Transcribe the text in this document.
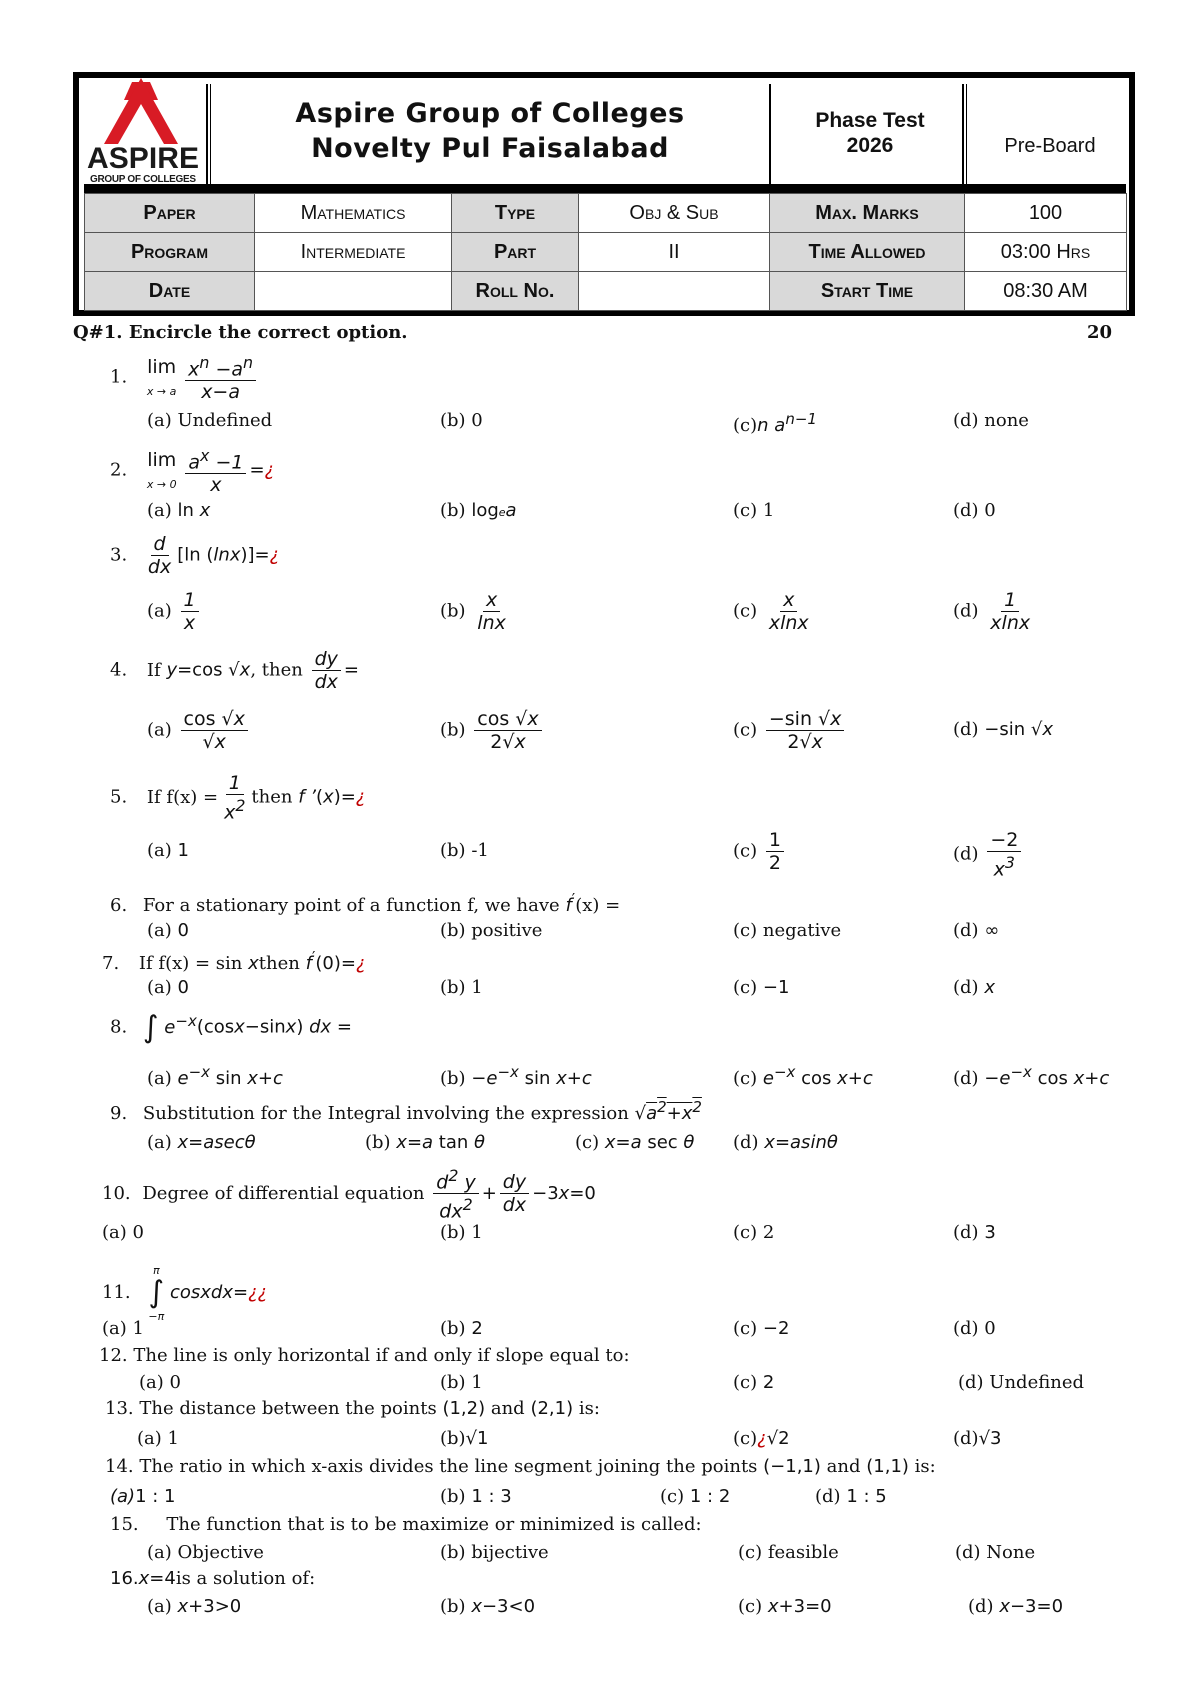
ASPIRE
GROUP OF COLLEGES
Aspire Group of Colleges
Novelty Pul Faisalabad
Phase Test
2026	Pre-Board
Paper	Mathematics	Type	Obj & Sub	Max. Marks	100
Program	Intermediate	Part	II	Time Allowed	03:00 Hrs
Date		Roll No.		Start Time	08:30 AM
Q#1. Encircle the correct option.	20
1. lim
x → a $\frac{x^n -a^n}{x-a}$
(a) Undefined	(b) 0	(c)n $a^{n-1}$	(d) none
2. lim
$x \to 0 \frac{a^x -1}{x}$ =¿
(a) ln x	(b) logea	(c) 1	(d) 0
3. $\frac{d}{dx} [\ln$ (lnx)]=¿
$(a) \frac{1}{x}$	$(b) \frac{x}{\ln x}$	$(c) \frac{x}{xlnx}$	$(d) \frac{1}{xlnx}$
4. If y=cos √x, then $\frac{dy}{dx}$ =
$(a) \frac{\cos √x}{√x}$	$(b) \frac{\cos √x}{2√x}$	$(c) \frac{-\sin √x}{2√x}$	(d) −sin √x
5. If $f(x) = \frac{1}{x^2}$ then f ’(x)=¿
(a) 1	(b) -1	$(c) \frac{1}{2}$	$(d) \frac{-2}{x^3}$
6. For a stationary point of a function f, we have f′(x) =
(a) 0	(b) positive	(c) negative	(d) ∞
7. If f(x) = sin xthen f′(0)=¿
(a) 0	(b) 1	(c) −1	(d) x
8. ∫ $e^{-x}(\cos x-\sin x)$ dx =
(a) $e^{-x}$ sin x+c	$(b) -e^{-x}$ sin x+c	(c) $e^{-x}$ cos x+c	$(d) -e^{-x}$ cos x+c
9. Substitution for the Integral involving the expression $√a^2+x^2$
(a) x=asecθ	(b) x=a tan θ	(c) x=a sec θ (d) x=asinθ
10. Degree of differential equation $\frac{d^2 y}{dx^2} + \frac{dy}{dx} -3x=0$
(a) 0	(b) 1	(c) 2	(d) 3
11. π
∫
−π cosxdx=¿¿
(a) 1	(b) 2	(c) −2	(d) 0
12. The line is only horizontal if and only if slope equal to:
(a) 0	(b) 1	(c) 2	(d) Undefined
13. The distance between the points (1,2) and (2,1) is:
(a) 1	(b)√1	(c)¿√2	(d)√3
14. The ratio in which x-axis divides the line segment joining the points (−1,1) and (1,1) is:
(a)1 : 1	(b) 1 : 3	(c) 1 : 2	(d) 1 : 5
15. The function that is to be maximize or minimized is called:
(a) Objective	(b) bijective	(c) feasible	(d) None
16.x=4is a solution of:
(a) x+3>0	(b) x−3<0	(c) x+3=0	(d) x−3=0
